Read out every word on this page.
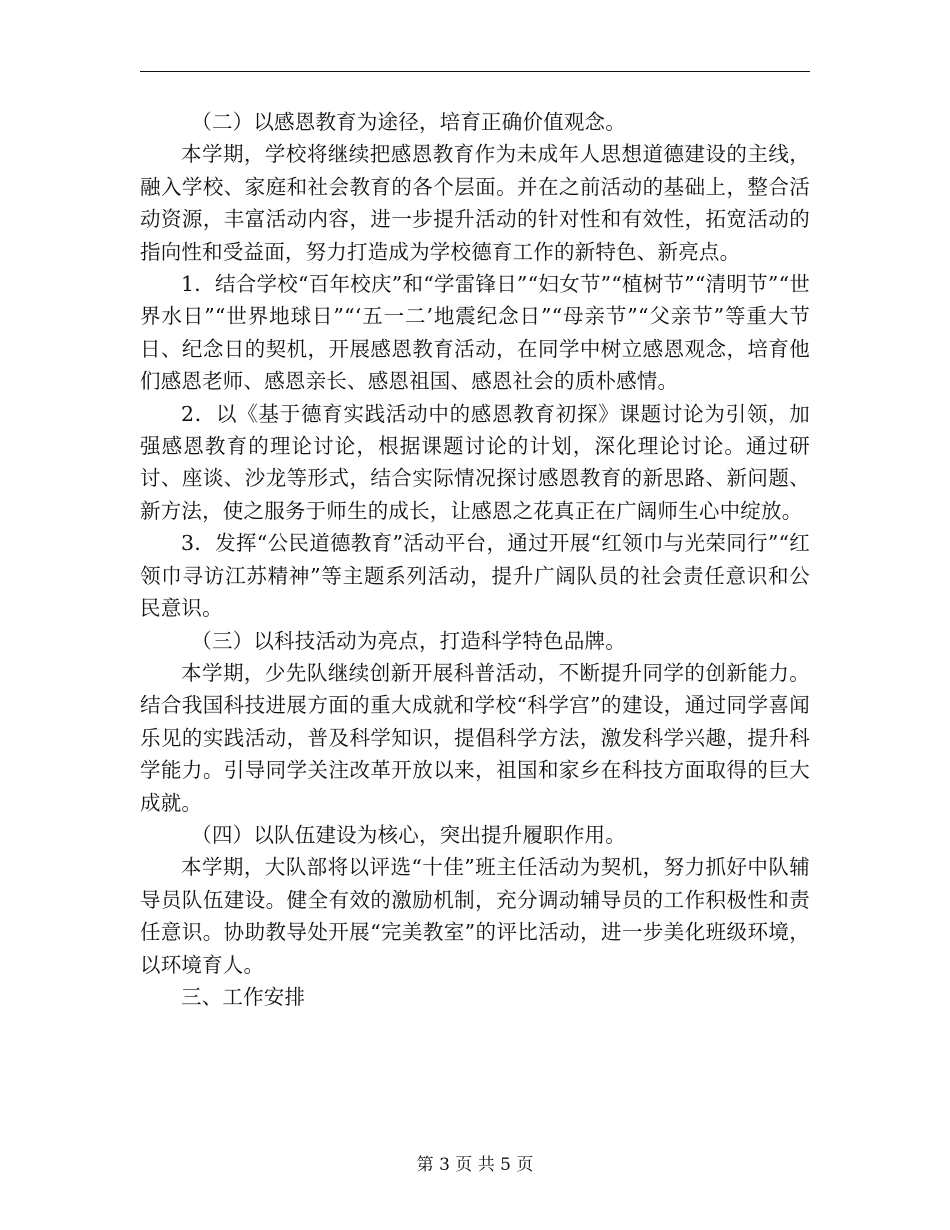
（二）以感恩教育为途径，培育正确价值观念。

本学期，学校将继续把感恩教育作为未成年人思想道德建设的主线，融入学校、家庭和社会教育的各个层面。并在之前活动的基础上，整合活动资源，丰富活动内容，进一步提升活动的针对性和有效性，拓宽活动的指向性和受益面，努力打造成为学校德育工作的新特色、新亮点。

1．结合学校“百年校庆”和“学雷锋日”“妇女节”“植树节”“清明节”“世界水日”“世界地球日”“‘五一二’地震纪念日”“母亲节”“父亲节”等重大节日、纪念日的契机，开展感恩教育活动，在同学中树立感恩观念，培育他们感恩老师、感恩亲长、感恩祖国、感恩社会的质朴感情。

2．以《基于德育实践活动中的感恩教育初探》课题讨论为引领，加强感恩教育的理论讨论，根据课题讨论的计划，深化理论讨论。通过研讨、座谈、沙龙等形式，结合实际情况探讨感恩教育的新思路、新问题、新方法，使之服务于师生的成长，让感恩之花真正在广阔师生心中绽放。

3．发挥“公民道德教育”活动平台，通过开展“红领巾与光荣同行”“红领巾寻访江苏精神”等主题系列活动，提升广阔队员的社会责任意识和公民意识。

（三）以科技活动为亮点，打造科学特色品牌。

本学期，少先队继续创新开展科普活动，不断提升同学的创新能力。结合我国科技进展方面的重大成就和学校“科学宫”的建设，通过同学喜闻乐见的实践活动，普及科学知识，提倡科学方法，激发科学兴趣，提升科学能力。引导同学关注改革开放以来，祖国和家乡在科技方面取得的巨大成就。

（四）以队伍建设为核心，突出提升履职作用。

本学期，大队部将以评选“十佳”班主任活动为契机，努力抓好中队辅导员队伍建设。健全有效的激励机制，充分调动辅导员的工作积极性和责任意识。协助教导处开展“完美教室”的评比活动，进一步美化班级环境，以环境育人。

三、工作安排

第 3 页 共 5 页
